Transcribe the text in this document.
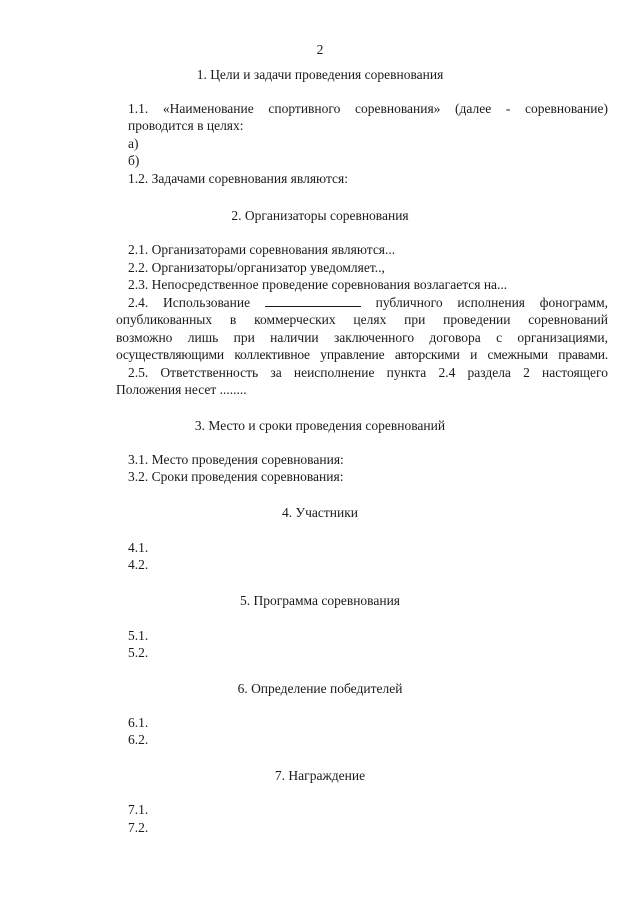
2
1. Цели и задачи проведения соревнования
1.1. «Наименование спортивного соревнования» (далее - соревнование)
проводится в целях:
а)
б)
1.2. Задачами соревнования являются:
2. Организаторы соревнования
2.1. Организаторами соревнования являются...
2.2. Организаторы/организатор уведомляет..,
2.3. Непосредственное проведение соревнования возлагается на...
2.4. Использование	публичного исполнения фонограмм,
опубликованных в коммерческих целях при проведении соревнований
возможно лишь при наличии заключенного договора с организациями,
осуществляющими коллективное управление авторскими и смежными правами.
2.5. Ответственность за неисполнение пункта 2.4 раздела 2 настоящего
Положения несет ........
3. Место и сроки проведения соревнований
3.1. Место проведения соревнования:
3.2. Сроки проведения соревнования:
4. Участники
4.1.
4.2.
5. Программа соревнования
5.1.
5.2.
6. Определение победителей
6.1.
6.2.
7. Награждение
7.1.
7.2.
